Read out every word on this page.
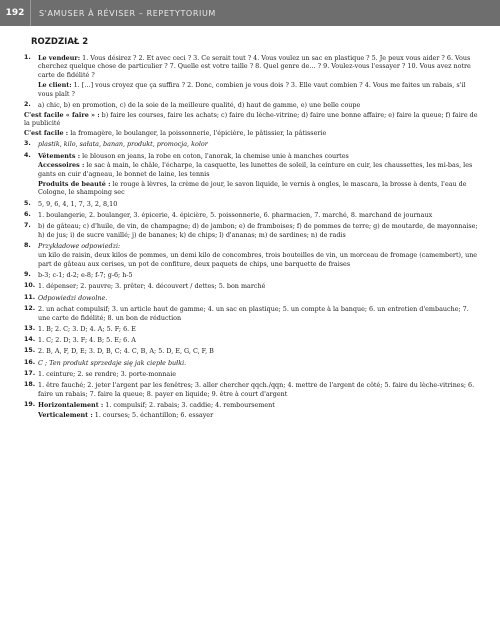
192	S'AMUSER À RÉVISER – REPETYTORIUM
ROZDZIAŁ 2
1.	Le vendeur: 1. Vous désirez ? 2. Et avec ceci ? 3. Ce serait tout ? 4. Vous voulez un sac en plastique ? 5. Je peux vous aider ? 6. Vous cherchez quelque chose de particulier ? 7. Quelle est votre taille ? 8. Quel genre de… ? 9. Voulez-vous l'essayer ? 10. Vous avez notre carte de fidélité ?
Le client: 1. […] vous croyez que ça suffira ? 2. Donc, combien je vous dois ? 3. Elle vaut combien ? 4. Vous me faites un rabais, s'il vous plaît ?
2.	a) chic, b) en promotion, c) de la soie de la meilleure qualité, d) haut de gamme, e) une belle coupe
C'est facile « faire » : b) faire les courses, faire les achats; c) faire du lèche-vitrine; d) faire une bonne affaire; e) faire la queue; f) faire de la publicité
C'est facile : la fromagère, le boulanger, la poissonnerie, l'épicière, le pâtissier, la pâtisserie
3.	plastik, kilo, sałata, banan, produkt, promocja, kolor
4.	Vêtements : le blouson en jeans, la robe en coton, l'anorak, la chemise unie à manches courtes
Accessoires : le sac à main, le châle, l'écharpe, la casquette, les lunettes de soleil, la ceinture en cuir, les chaussettes, les mi-bas, les gants en cuir d'agneau, le bonnet de laine, les tennis
Produits de beauté : le rouge à lèvres, la crème de jour, le savon liquide, le vernis à ongles, le mascara, la brosse à dents, l'eau de Cologne, le shampoing sec
5.	5, 9, 6, 4, 1, 7, 3, 2, 8,10
6.	1. boulangerie, 2. boulanger, 3. épicerie, 4. épicière, 5. poissonnerie, 6. pharmacien, 7. marché, 8. marchand de journaux
7.	b) de gâteau; c) d'huile, de vin, de champagne; d) de jambon; e) de framboises; f) de pommes de terre; g) de moutarde, de mayonnaise; h) de jus; i) de sucre vanillé; j) de bananes; k) de chips; l) d'ananas; m) de sardines; n) de radis
8.	Przykładowe odpowiedzi:
un kilo de raisin, deux kilos de pommes, un demi kilo de concombres, trois bouteilles de vin, un morceau de fromage (camembert), une part de gâteau aux cerises, un pot de confiture, deux paquets de chips, une barquette de fraises
9.	b-3; c-1; d-2; e-8; f-7; g-6; h-5
10. 1. dépenser; 2. pauvre; 3. prêter; 4. découvert / dettes; 5. bon marché
11. Odpowiedzi dowolne.
12. 2. un achat compulsif; 3. un article haut de gamme; 4. un sac en plastique; 5. un compte à la banque; 6. un entretien d'embauche; 7. une carte de fidélité; 8. un bon de réduction
13. 1. B; 2. C; 3. D; 4. A; 5. F; 6. E
14. 1. C; 2. D; 3. F; 4. B; 5. E; 6. A
15. 2. B, A, F, D, E; 3. D, B, C; 4. C, B, A; 5. D, E, G, C, F, B
16. C ; Ten produkt sprzedaje się jak ciepłe bułki.
17. 1. ceinture; 2. se rendre; 3. porte-monnaie
18. 1. être fauché; 2. jeter l'argent par les fenêtres; 3. aller chercher qqch./qqn; 4. mettre de l'argent de côté; 5. faire du lèche-vitrines; 6. faire un rabais; 7. faire la queue; 8. payer en liquide; 9. être à court d'argent
19. Horizontalement : 1. compulsif; 2. rabais; 3. caddie; 4. remboursement
Verticalement : 1. courses; 5. échantillon; 6. essayer
